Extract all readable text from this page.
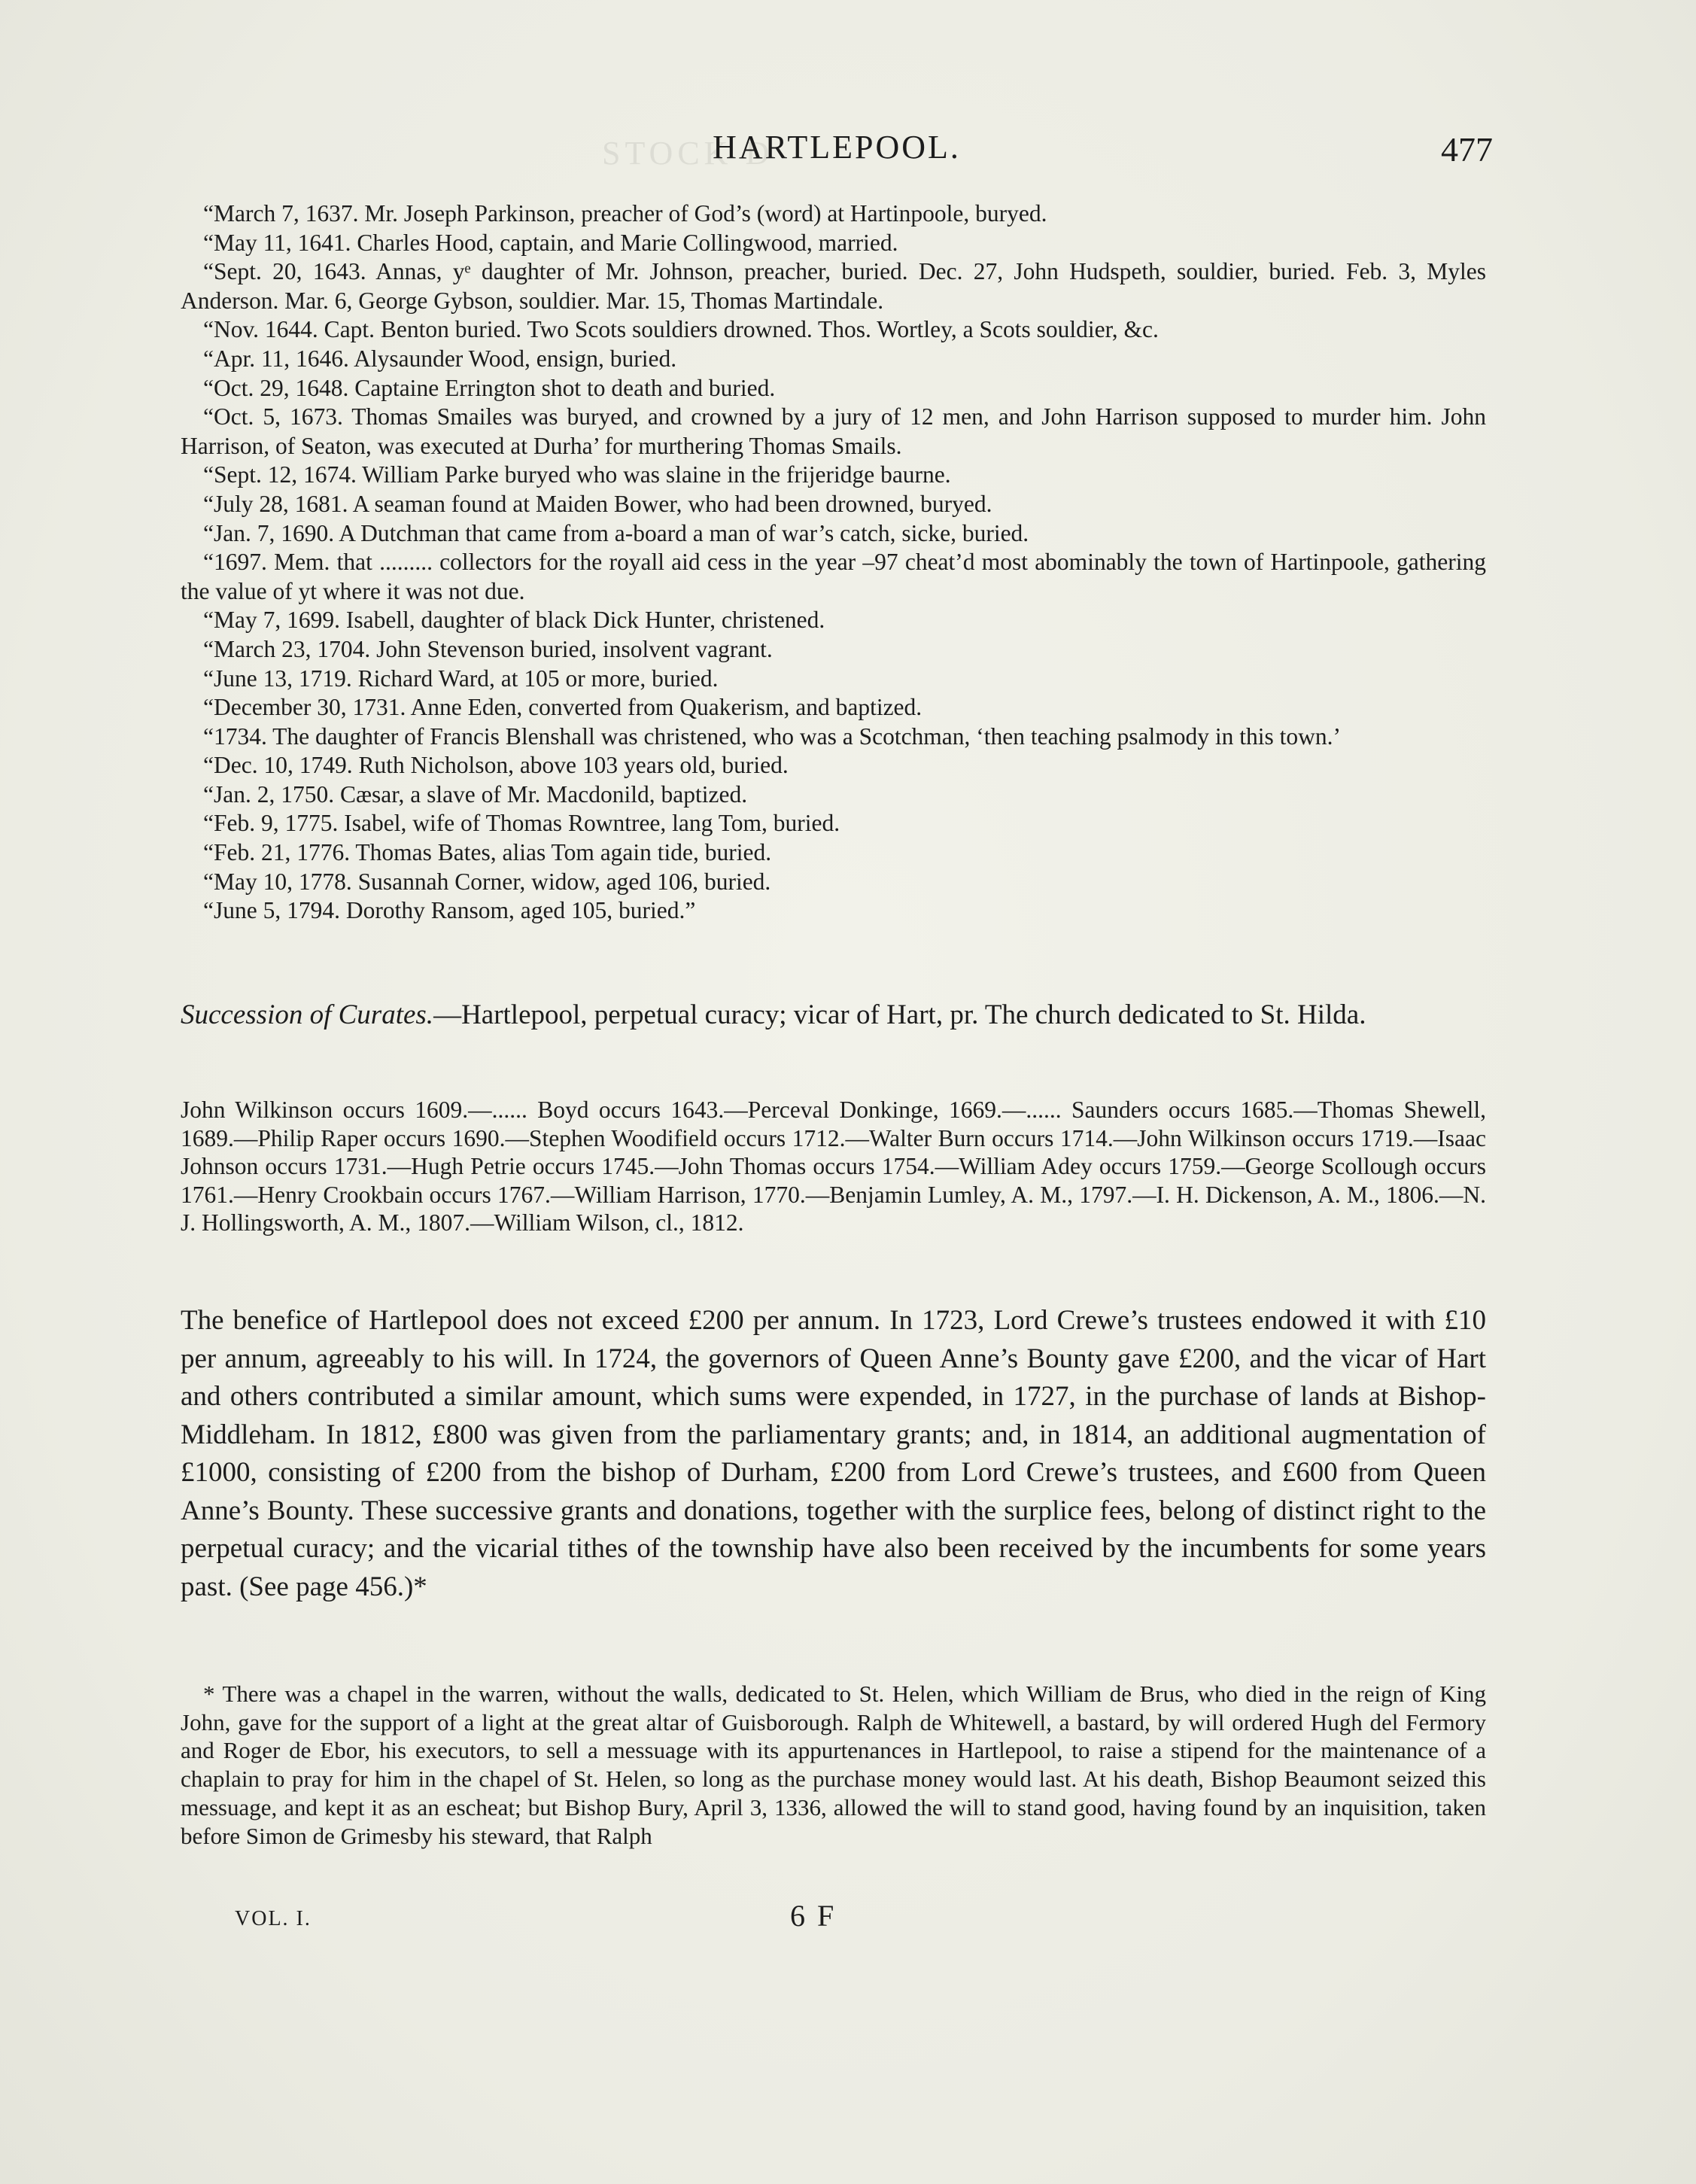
STOCK D
HARTLEPOOL.	477

“March 7, 1637. Mr. Joseph Parkinson, preacher of God’s (word) at Hartinpoole, buryed.

“May 11, 1641. Charles Hood, captain, and Marie Collingwood, married.

“Sept. 20, 1643. Annas, yᵉ daughter of Mr. Johnson, preacher, buried. Dec. 27, John Hudspeth, souldier, buried. Feb. 3, Myles Anderson. Mar. 6, George Gybson, souldier. Mar. 15, Thomas Martindale.

“Nov. 1644. Capt. Benton buried. Two Scots souldiers drowned. Thos. Wortley, a Scots souldier, &c.

“Apr. 11, 1646. Alysaunder Wood, ensign, buried.

“Oct. 29, 1648. Captaine Errington shot to death and buried.

“Oct. 5, 1673. Thomas Smailes was buryed, and crowned by a jury of 12 men, and John Harrison supposed to murder him. John Harrison, of Seaton, was executed at Durha’ for murthering Thomas Smails.

“Sept. 12, 1674. William Parke buryed who was slaine in the frijeridge baurne.

“July 28, 1681. A seaman found at Maiden Bower, who had been drowned, buryed.

“Jan. 7, 1690. A Dutchman that came from a-board a man of war’s catch, sicke, buried.

“1697. Mem. that ......... collectors for the royall aid cess in the year –97 cheat’d most abominably the town of Hartinpoole, gathering the value of yt where it was not due.

“May 7, 1699. Isabell, daughter of black Dick Hunter, christened.

“March 23, 1704. John Stevenson buried, insolvent vagrant.

“June 13, 1719. Richard Ward, at 105 or more, buried.

“December 30, 1731. Anne Eden, converted from Quakerism, and baptized.

“1734. The daughter of Francis Blenshall was christened, who was a Scotchman, ‘then teaching psalmody in this town.’

“Dec. 10, 1749. Ruth Nicholson, above 103 years old, buried.

“Jan. 2, 1750. Cæsar, a slave of Mr. Macdonild, baptized.

“Feb. 9, 1775. Isabel, wife of Thomas Rowntree, lang Tom, buried.

“Feb. 21, 1776. Thomas Bates, alias Tom again tide, buried.

“May 10, 1778. Susannah Corner, widow, aged 106, buried.

“June 5, 1794. Dorothy Ransom, aged 105, buried.”

Succession of Curates.—Hartlepool, perpetual curacy; vicar of Hart, pr. The church dedicated to St. Hilda.
John Wilkinson occurs 1609.—...... Boyd occurs 1643.—Perceval Donkinge, 1669.—...... Saunders occurs 1685.—Thomas Shewell, 1689.—Philip Raper occurs 1690.—Stephen Woodifield occurs 1712.—Walter Burn occurs 1714.—John Wilkinson occurs 1719.—Isaac Johnson occurs 1731.—Hugh Petrie occurs 1745.—John Thomas occurs 1754.—William Adey occurs 1759.—George Scollough occurs 1761.—Henry Crookbain occurs 1767.—William Harrison, 1770.—Benjamin Lumley, A. M., 1797.—I. H. Dickenson, A. M., 1806.—N. J. Hollingsworth, A. M., 1807.—William Wilson, cl., 1812.
The benefice of Hartlepool does not exceed £200 per annum. In 1723, Lord Crewe’s trustees endowed it with £10 per annum, agreeably to his will. In 1724, the governors of Queen Anne’s Bounty gave £200, and the vicar of Hart and others contributed a similar amount, which sums were expended, in 1727, in the purchase of lands at Bishop-Middleham. In 1812, £800 was given from the parliamentary grants; and, in 1814, an additional augmentation of £1000, consisting of £200 from the bishop of Durham, £200 from Lord Crewe’s trustees, and £600 from Queen Anne’s Bounty. These successive grants and donations, together with the surplice fees, belong of distinct right to the perpetual curacy; and the vicarial tithes of the township have also been received by the incumbents for some years past. (See page 456.)*

* There was a chapel in the warren, without the walls, dedicated to St. Helen, which William de Brus, who died in the reign of King John, gave for the support of a light at the great altar of Guisborough. Ralph de Whitewell, a bastard, by will ordered Hugh del Fermory and Roger de Ebor, his executors, to sell a messuage with its appurtenances in Hartlepool, to raise a stipend for the maintenance of a chaplain to pray for him in the chapel of St. Helen, so long as the purchase money would last. At his death, Bishop Beaumont seized this messuage, and kept it as an escheat; but Bishop Bury, April 3, 1336, allowed the will to stand good, having found by an inquisition, taken before Simon de Grimesby his steward, that Ralph

VOL. I.	6 F
